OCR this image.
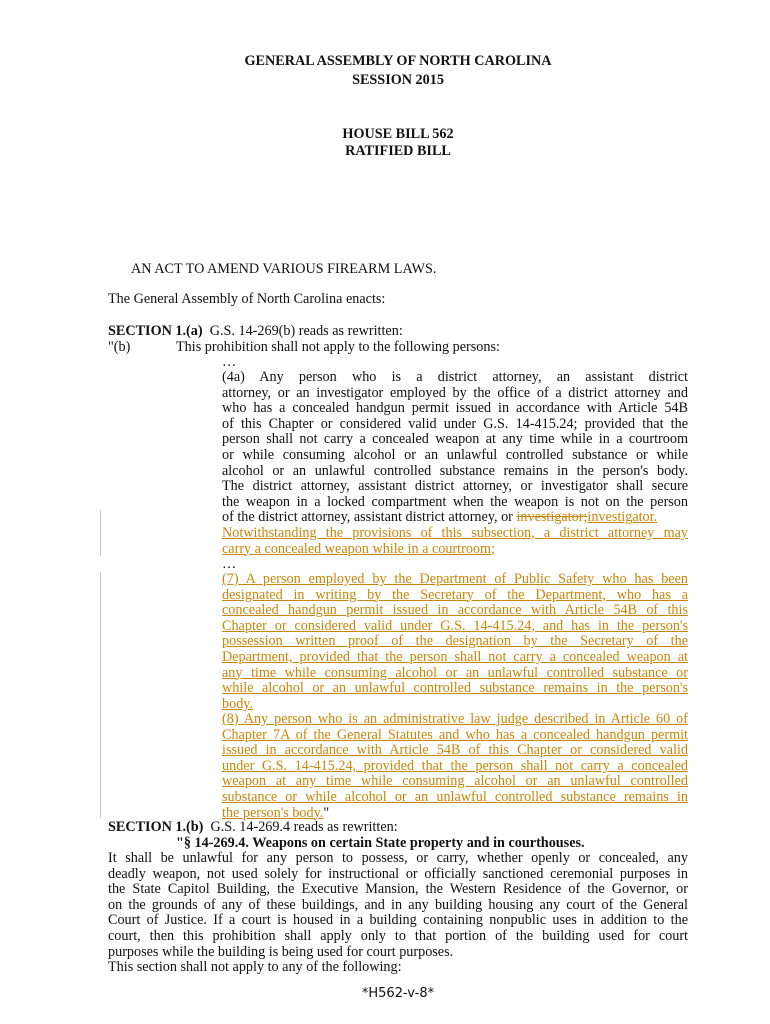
GENERAL ASSEMBLY OF NORTH CAROLINA
SESSION 2015
HOUSE BILL 562
RATIFIED BILL
AN ACT TO AMEND VARIOUS FIREARM LAWS.
The General Assembly of North Carolina enacts:
SECTION 1.(a) G.S. 14-269(b) reads as rewritten:
"(b)	This prohibition shall not apply to the following persons:
…
(4a) Any person who is a district attorney, an assistant district
attorney, or an investigator employed by the office of a district attorney and
who has a concealed handgun permit issued in accordance with Article 54B
of this Chapter or considered valid under G.S. 14-415.24; provided that the
person shall not carry a concealed weapon at any time while in a courtroom
or while consuming alcohol or an unlawful controlled substance or while
alcohol or an unlawful controlled substance remains in the person's body.
The district attorney, assistant district attorney, or investigator shall secure
the weapon in a locked compartment when the weapon is not on the person
of the district attorney, assistant district attorney, or investigator;investigator.
Notwithstanding the provisions of this subsection, a district attorney may
carry a concealed weapon while in a courtroom;
…
(7) A person employed by the Department of Public Safety who has been
designated in writing by the Secretary of the Department, who has a
concealed handgun permit issued in accordance with Article 54B of this
Chapter or considered valid under G.S. 14-415.24, and has in the person's
possession written proof of the designation by the Secretary of the
Department, provided that the person shall not carry a concealed weapon at
any time while consuming alcohol or an unlawful controlled substance or
while alcohol or an unlawful controlled substance remains in the person's
body.
(8) Any person who is an administrative law judge described in Article 60 of
Chapter 7A of the General Statutes and who has a concealed handgun permit
issued in accordance with Article 54B of this Chapter or considered valid
under G.S. 14-415.24, provided that the person shall not carry a concealed
weapon at any time while consuming alcohol or an unlawful controlled
substance or while alcohol or an unlawful controlled substance remains in
the person's body."
SECTION 1.(b) G.S. 14-269.4 reads as rewritten:
"§ 14-269.4. Weapons on certain State property and in courthouses.
It shall be unlawful for any person to possess, or carry, whether openly or concealed, any
deadly weapon, not used solely for instructional or officially sanctioned ceremonial purposes in
the State Capitol Building, the Executive Mansion, the Western Residence of the Governor, or
on the grounds of any of these buildings, and in any building housing any court of the General
Court of Justice. If a court is housed in a building containing nonpublic uses in addition to the
court, then this prohibition shall apply only to that portion of the building used for court
purposes while the building is being used for court purposes.
This section shall not apply to any of the following:
*H562-v-8*
